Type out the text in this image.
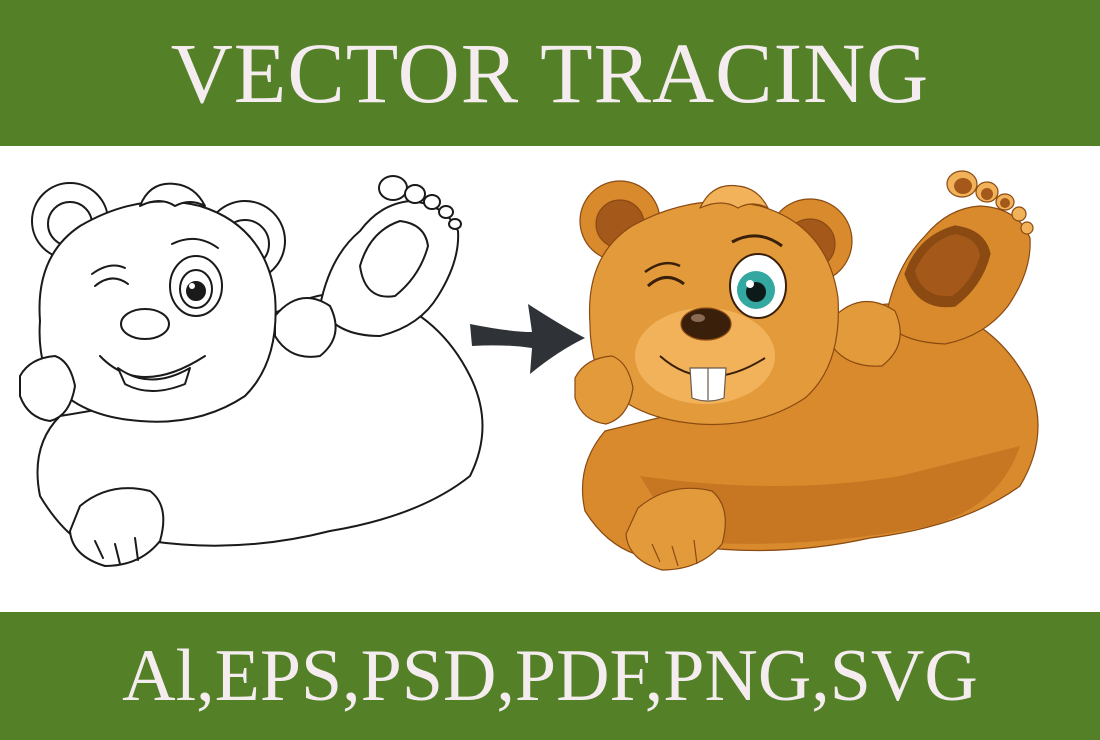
VECTOR TRACING
Al,EPS,PSD,PDF,PNG,SVG
